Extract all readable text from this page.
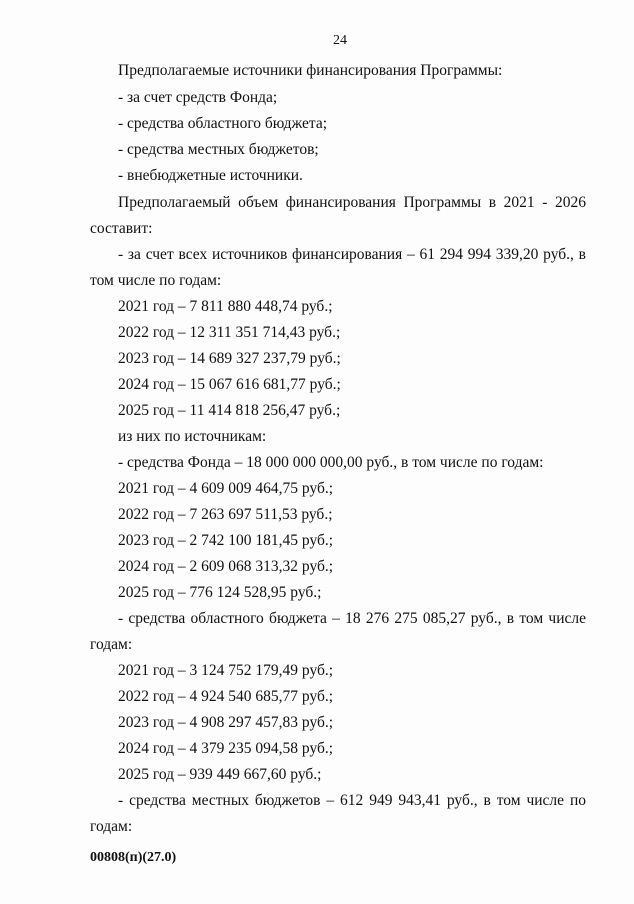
24
Предполагаемые источники финансирования Программы:
- за счет средств Фонда;
- средства областного бюджета;
- средства местных бюджетов;
- внебюджетные источники.
Предполагаемый объем финансирования Программы в 2021 - 2026
составит:
- за счет всех источников финансирования – 61 294 994 339,20 руб., в
том числе по годам:
2021 год – 7 811 880 448,74 руб.;
2022 год – 12 311 351 714,43 руб.;
2023 год – 14 689 327 237,79 руб.;
2024 год – 15 067 616 681,77 руб.;
2025 год – 11 414 818 256,47 руб.;
из них по источникам:
- средства Фонда – 18 000 000 000,00 руб., в том числе по годам:
2021 год – 4 609 009 464,75 руб.;
2022 год – 7 263 697 511,53 руб.;
2023 год – 2 742 100 181,45 руб.;
2024 год – 2 609 068 313,32 руб.;
2025 год – 776 124 528,95 руб.;
- средства областного бюджета – 18 276 275 085,27 руб., в том числе
годам:
2021 год – 3 124 752 179,49 руб.;
2022 год – 4 924 540 685,77 руб.;
2023 год – 4 908 297 457,83 руб.;
2024 год – 4 379 235 094,58 руб.;
2025 год – 939 449 667,60 руб.;
- средства местных бюджетов – 612 949 943,41 руб., в том числе по
годам:
00808(п)(27.0)
